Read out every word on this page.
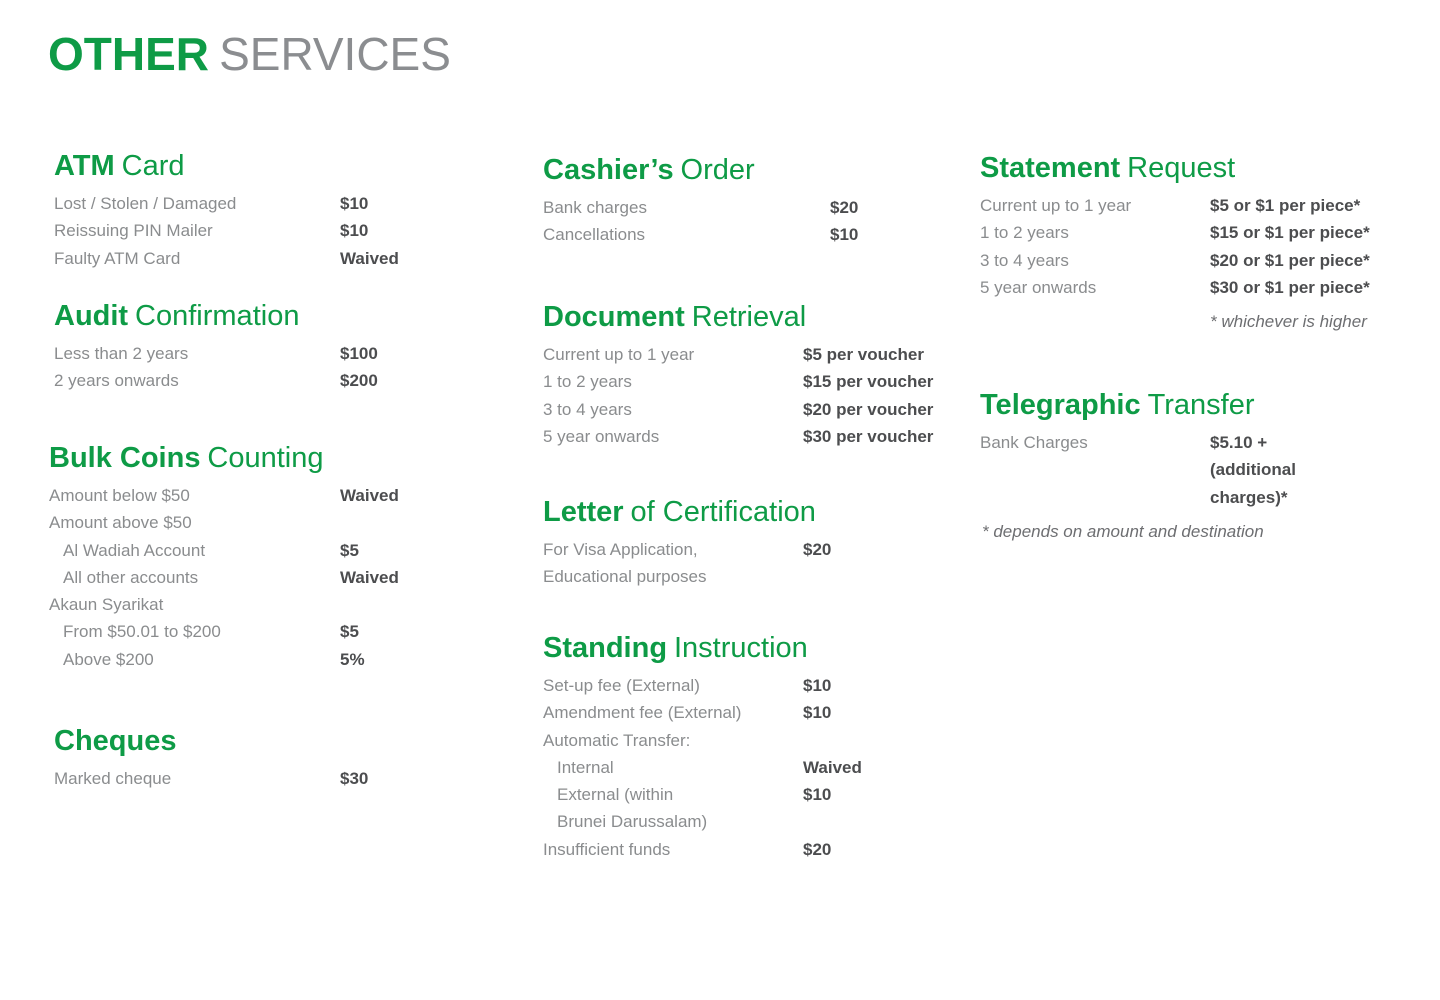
OTHER SERVICES
ATM Card
Lost / Stolen / Damaged	$10
Reissuing PIN Mailer	$10
Faulty ATM Card	Waived
Audit Confirmation
Less than 2 years	$100
2 years onwards	$200
Bulk Coins Counting
Amount below $50	Waived
Amount above $50
Al Wadiah Account	$5
All other accounts	Waived
Akaun Syarikat
From $50.01 to $200	$5
Above $200	5%
Cheques
Marked cheque	$30
Cashier’s Order
Bank charges	$20
Cancellations	$10
Document Retrieval
Current up to 1 year	$5 per voucher
1 to 2 years	$15 per voucher
3 to 4 years	$20 per voucher
5 year onwards	$30 per voucher
Letter of Certification
For Visa Application,	$20
Educational purposes
Standing Instruction
Set-up fee (External)	$10
Amendment fee (External)	$10
Automatic Transfer:
Internal	Waived
External (within	$10
Brunei Darussalam)
Insufficient funds	$20
Statement Request
Current up to 1 year	$5 or $1 per piece*
1 to 2 years	$15 or $1 per piece*
3 to 4 years	$20 or $1 per piece*
5 year onwards	$30 or $1 per piece*
* whichever is higher
Telegraphic Transfer
Bank Charges	$5.10 +
(additional
charges)*
* depends on amount and destination
